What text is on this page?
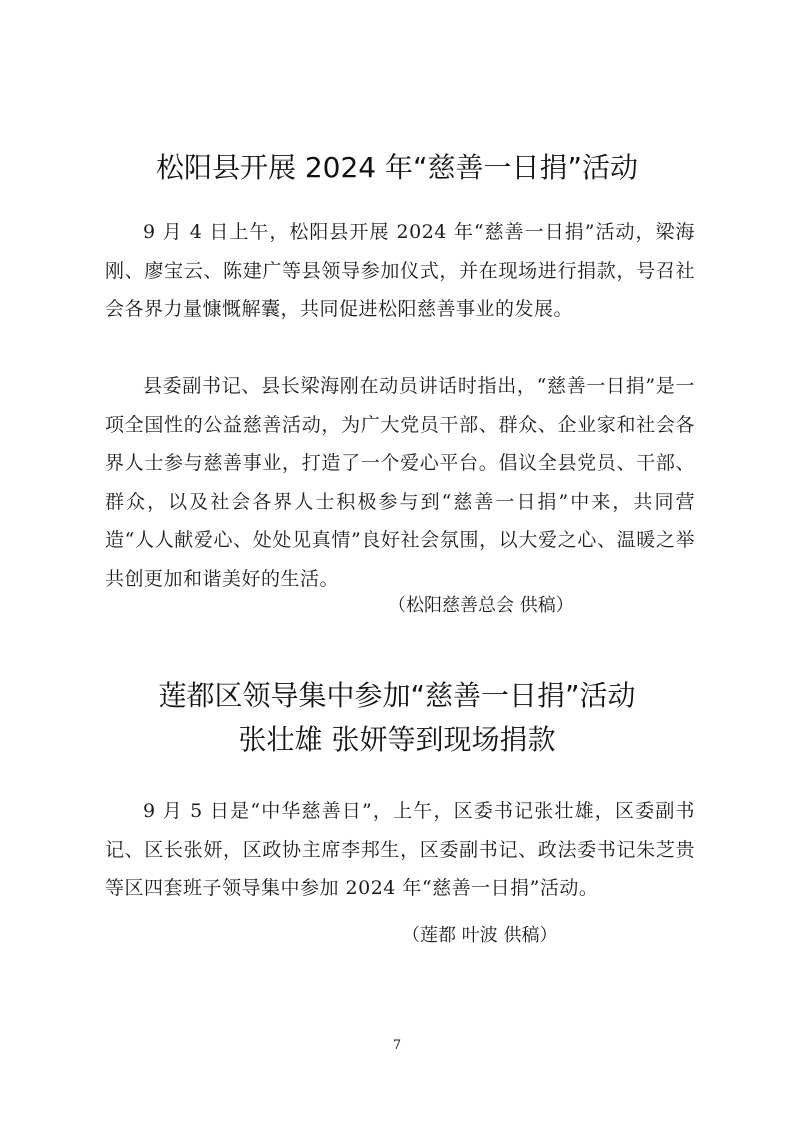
松阳县开展 2024 年“慈善一日捐”活动

9 月 4 日上午，松阳县开展 2024 年“慈善一日捐”活动，梁海刚、廖宝云、陈建广等县领导参加仪式，并在现场进行捐款，号召社会各界力量慷慨解囊，共同促进松阳慈善事业的发展。

县委副书记、县长梁海刚在动员讲话时指出，“慈善一日捐”是一项全国性的公益慈善活动，为广大党员干部、群众、企业家和社会各界人士参与慈善事业，打造了一个爱心平台。倡议全县党员、干部、群众，以及社会各界人士积极参与到“慈善一日捐”中来，共同营造“人人献爱心、处处见真情”良好社会氛围，以大爱之心、温暖之举共创更加和谐美好的生活。

（松阳慈善总会 供稿）
莲都区领导集中参加“慈善一日捐”活动
张壮雄 张妍等到现场捐款

9 月 5 日是“中华慈善日”，上午，区委书记张壮雄，区委副书记、区长张妍，区政协主席李邦生，区委副书记、政法委书记朱芝贵等区四套班子领导集中参加 2024 年“慈善一日捐”活动。

（莲都 叶波 供稿）
7
